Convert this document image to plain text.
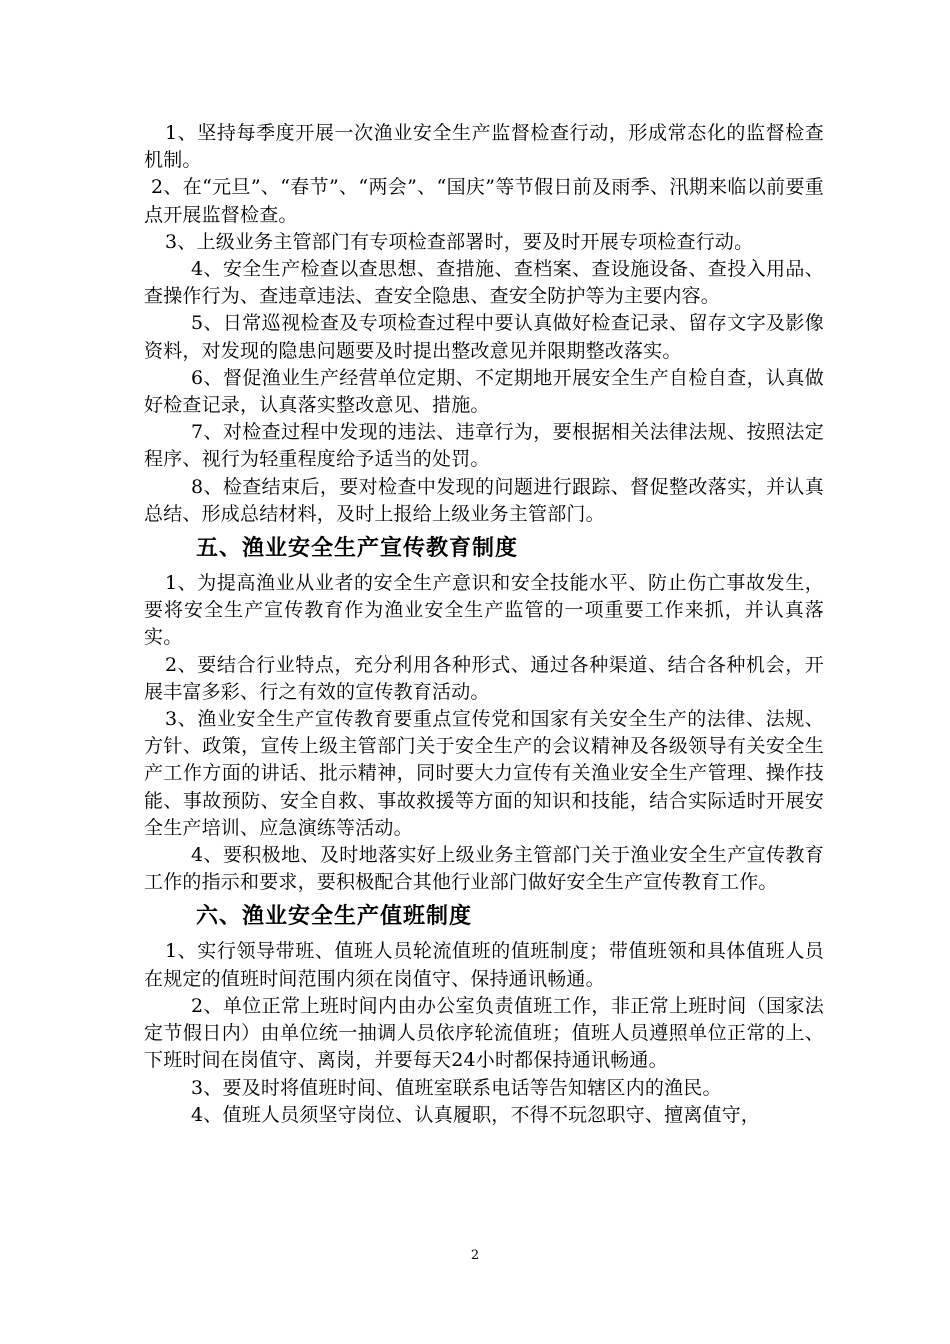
1、坚持每季度开展一次渔业安全生产监督检查行动，形成常态化的监督检查机制。

2、在“元旦”、“春节”、“两会”、“国庆”等节假日前及雨季、汛期来临以前要重点开展监督检查。

3、上级业务主管部门有专项检查部署时，要及时开展专项检查行动。

4、安全生产检查以查思想、查措施、查档案、查设施设备、查投入用品、查操作行为、查违章违法、查安全隐患、查安全防护等为主要内容。

5、日常巡视检查及专项检查过程中要认真做好检查记录、留存文字及影像资料，对发现的隐患问题要及时提出整改意见并限期整改落实。

6、督促渔业生产经营单位定期、不定期地开展安全生产自检自查，认真做好检查记录，认真落实整改意见、措施。

7、对检查过程中发现的违法、违章行为，要根据相关法律法规、按照法定程序、视行为轻重程度给予适当的处罚。

8、检查结束后，要对检查中发现的问题进行跟踪、督促整改落实，并认真总结、形成总结材料，及时上报给上级业务主管部门。

五、渔业安全生产宣传教育制度

1、为提高渔业从业者的安全生产意识和安全技能水平、防止伤亡事故发生，要将安全生产宣传教育作为渔业安全生产监管的一项重要工作来抓，并认真落实。

2、要结合行业特点，充分利用各种形式、通过各种渠道、结合各种机会，开展丰富多彩、行之有效的宣传教育活动。

3、渔业安全生产宣传教育要重点宣传党和国家有关安全生产的法律、法规、方针、政策，宣传上级主管部门关于安全生产的会议精神及各级领导有关安全生产工作方面的讲话、批示精神，同时要大力宣传有关渔业安全生产管理、操作技能、事故预防、安全自救、事故救援等方面的知识和技能，结合实际适时开展安全生产培训、应急演练等活动。

4、要积极地、及时地落实好上级业务主管部门关于渔业安全生产宣传教育工作的指示和要求，要积极配合其他行业部门做好安全生产宣传教育工作。

六、渔业安全生产值班制度

1、实行领导带班、值班人员轮流值班的值班制度；带值班领和具体值班人员在规定的值班时间范围内须在岗值守、保持通讯畅通。

2、单位正常上班时间内由办公室负责值班工作，非正常上班时间（国家法定节假日内）由单位统一抽调人员依序轮流值班；值班人员遵照单位正常的上、下班时间在岗值守、离岗，并要每天24小时都保持通讯畅通。

3、要及时将值班时间、值班室联系电话等告知辖区内的渔民。

4、值班人员须坚守岗位、认真履职，不得不玩忽职守、擅离值守，

2
